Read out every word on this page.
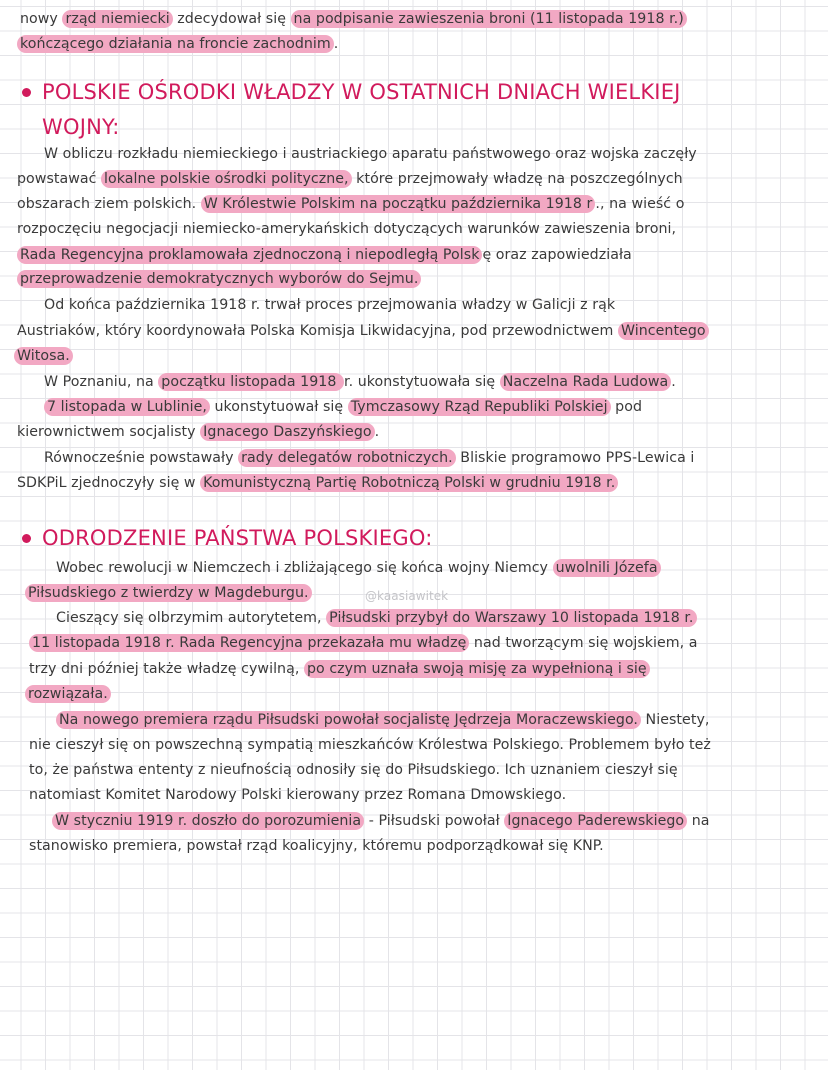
nowy rząd niemiecki zdecydował się na podpisanie zawieszenia broni (11 listopada 1918 r.)
kończącego działania na froncie zachodnim .
POLSKIE OŚRODKI WŁADZY W OSTATNICH DNIACH WIELKIEJ
WOJNY:
W obliczu rozkładu niemieckiego i austriackiego aparatu państwowego oraz wojska zaczęły
powstawać lokalne polskie ośrodki polityczne, które przejmowały władzę na poszczególnych
obszarach ziem polskich. W Królestwie Polskim na początku października 1918 r ., na wieść o
rozpoczęciu negocjacji niemiecko-amerykańskich dotyczących warunków zawieszenia broni,
Rada Regencyjna proklamowała zjednoczoną i niepodległą Polsk ę oraz zapowiedziała
przeprowadzenie demokratycznych wyborów do Sejmu.
Od końca października 1918 r. trwał proces przejmowania władzy w Galicji z rąk
Austriaków, który koordynowała Polska Komisja Likwidacyjna, pod przewodnictwem Wincentego
Witosa.
W Poznaniu, na początku listopada 1918 r. ukonstytuowała się Naczelna Rada Ludowa .
7 listopada w Lublinie, ukonstytuował się Tymczasowy Rząd Republiki Polskiej pod
kierownictwem socjalisty Ignacego Daszyńskiego .
Równocześnie powstawały rady delegatów robotniczych. Bliskie programowo PPS-Lewica i
SDKPiL zjednoczyły się w Komunistyczną Partię Robotniczą Polski w grudniu 1918 r.
ODRODZENIE PAŃSTWA POLSKIEGO:
Wobec rewolucji w Niemczech i zbliżającego się końca wojny Niemcy uwolnili Józefa
Piłsudskiego z twierdzy w Magdeburgu.	@kaasiawitek
Cieszący się olbrzymim autorytetem, Piłsudski przybył do Warszawy 10 listopada 1918 r.
11 listopada 1918 r. Rada Regencyjna przekazała mu władzę nad tworzącym się wojskiem, a
trzy dni później także władzę cywilną, po czym uznała swoją misję za wypełnioną i się
rozwiązała.
Na nowego premiera rządu Piłsudski powołał socjalistę Jędrzeja Moraczewskiego. Niestety,
nie cieszył się on powszechną sympatią mieszkańców Królestwa Polskiego. Problemem było też
to, że państwa ententy z nieufnością odnosiły się do Piłsudskiego. Ich uznaniem cieszył się
natomiast Komitet Narodowy Polski kierowany przez Romana Dmowskiego.
W styczniu 1919 r. doszło do porozumienia - Piłsudski powołał Ignacego Paderewskiego na
stanowisko premiera, powstał rząd koalicyjny, któremu podporządkował się KNP.
